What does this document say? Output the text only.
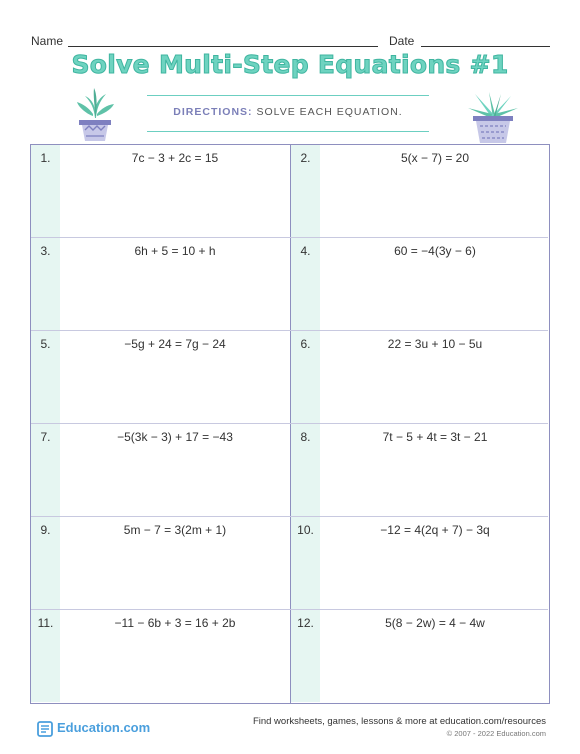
Name	Date
Solve Multi-Step Equations #1
DIRECTIONS: SOLVE EACH EQUATION.
1.	7c − 3 + 2c = 15	2.	5(x − 7) = 20
3.	6h + 5 = 10 + h	4.	60 = −4(3y − 6)
5.	−5g + 24 = 7g − 24	6.	22 = 3u + 10 − 5u
7.	−5(3k − 3) + 17 = −43	8.	7t − 5 + 4t = 3t − 21
9.	5m − 7 = 3(2m + 1)	10.	−12 = 4(2q + 7) − 3q
11.	−11 − 6b + 3 = 16 + 2b	12.	5(8 − 2w) = 4 − 4w
Education.com	Find worksheets, games, lessons & more at education.com/resources
© 2007 - 2022 Education.com
